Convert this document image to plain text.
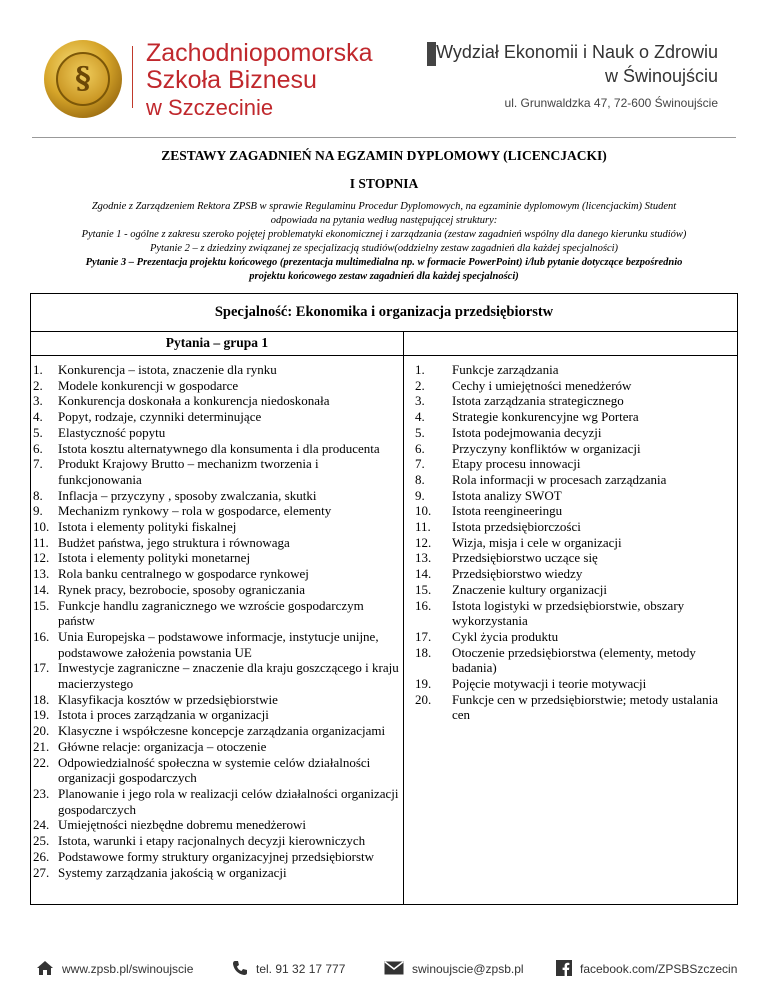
§
Zachodniopomorska
Szkoła Biznesu
w Szczecinie
Wydział Ekonomii i Nauk o Zdrowiu
w Świnoujściu
ul. Grunwaldzka 47, 72-600 Świnoujście
ZESTAWY ZAGADNIEŃ NA EGZAMIN DYPLOMOWY (LICENCJACKI)
I STOPNIA
Zgodnie z Zarządzeniem Rektora ZPSB w sprawie Regulaminu Procedur Dyplomowych, na egzaminie dyplomowym (licencjackim) Student odpowiada na pytania według następującej struktury:
Pytanie 1 - ogólne z zakresu szeroko pojętej problematyki ekonomicznej i zarządzania (zestaw zagadnień wspólny dla danego kierunku studiów)
Pytanie 2 – z dziedziny związanej ze specjalizacją studiów(oddzielny zestaw zagadnień dla każdej specjalności)
Pytanie 3 – Prezentacja projektu końcowego (prezentacja multimedialna np. w formacie PowerPoint) i/lub pytanie dotyczące bezpośrednio projektu końcowego zestaw zagadnień dla każdej specjalności)
Specjalność: Ekonomika i organizacja przedsiębiorstw
Pytania – grupa 1
1. Konkurencja – istota, znaczenie dla rynku
2. Modele konkurencji w gospodarce
3. Konkurencja doskonała a konkurencja niedoskonała
4. Popyt, rodzaje, czynniki determinujące
5. Elastyczność popytu
6. Istota kosztu alternatywnego dla konsumenta i dla producenta
7. Produkt Krajowy Brutto – mechanizm tworzenia i funkcjonowania
8. Inflacja – przyczyny , sposoby zwalczania, skutki
9. Mechanizm rynkowy – rola w gospodarce, elementy
10. Istota i elementy polityki fiskalnej
11. Budżet państwa, jego struktura i równowaga
12. Istota i elementy polityki monetarnej
13. Rola banku centralnego w gospodarce rynkowej
14. Rynek pracy, bezrobocie, sposoby ograniczania
15. Funkcje handlu zagranicznego we wzroście gospodarczym państw
16. Unia Europejska – podstawowe informacje, instytucje unijne, podstawowe założenia powstania UE
17. Inwestycje zagraniczne – znaczenie dla kraju goszczącego i kraju macierzystego
18. Klasyfikacja kosztów w przedsiębiorstwie
19. Istota i proces zarządzania w organizacji
20. Klasyczne i współczesne koncepcje zarządzania organizacjami
21. Główne relacje: organizacja – otoczenie
22. Odpowiedzialność społeczna w systemie celów działalności organizacji gospodarczych
23. Planowanie i jego rola w realizacji celów działalności organizacji gospodarczych
24. Umiejętności niezbędne dobremu menedżerowi
25. Istota, warunki i etapy racjonalnych decyzji kierowniczych
26. Podstawowe formy struktury organizacyjnej przedsiębiorstw
27. Systemy zarządzania jakością w organizacji
1. Funkcje zarządzania
2. Cechy i umiejętności menedżerów
3. Istota zarządzania strategicznego
4. Strategie konkurencyjne wg Portera
5. Istota podejmowania decyzji
6. Przyczyny konfliktów w organizacji
7. Etapy procesu innowacji
8. Rola informacji w procesach zarządzania
9. Istota analizy SWOT
10. Istota reengineeringu
11. Istota przedsiębiorczości
12. Wizja, misja i cele w organizacji
13. Przedsiębiorstwo uczące się
14. Przedsiębiorstwo wiedzy
15. Znaczenie kultury organizacji
16. Istota logistyki w przedsiębiorstwie, obszary wykorzystania
17. Cykl życia produktu
18. Otoczenie przedsiębiorstwa (elementy, metody badania)
19. Pojęcie motywacji i teorie motywacji
20. Funkcje cen w przedsiębiorstwie; metody ustalania cen
www.zpsb.pl/swinoujscie	tel. 91 32 17 777	swinoujscie@zpsb.pl	facebook.com/ZPSBSzczecin
